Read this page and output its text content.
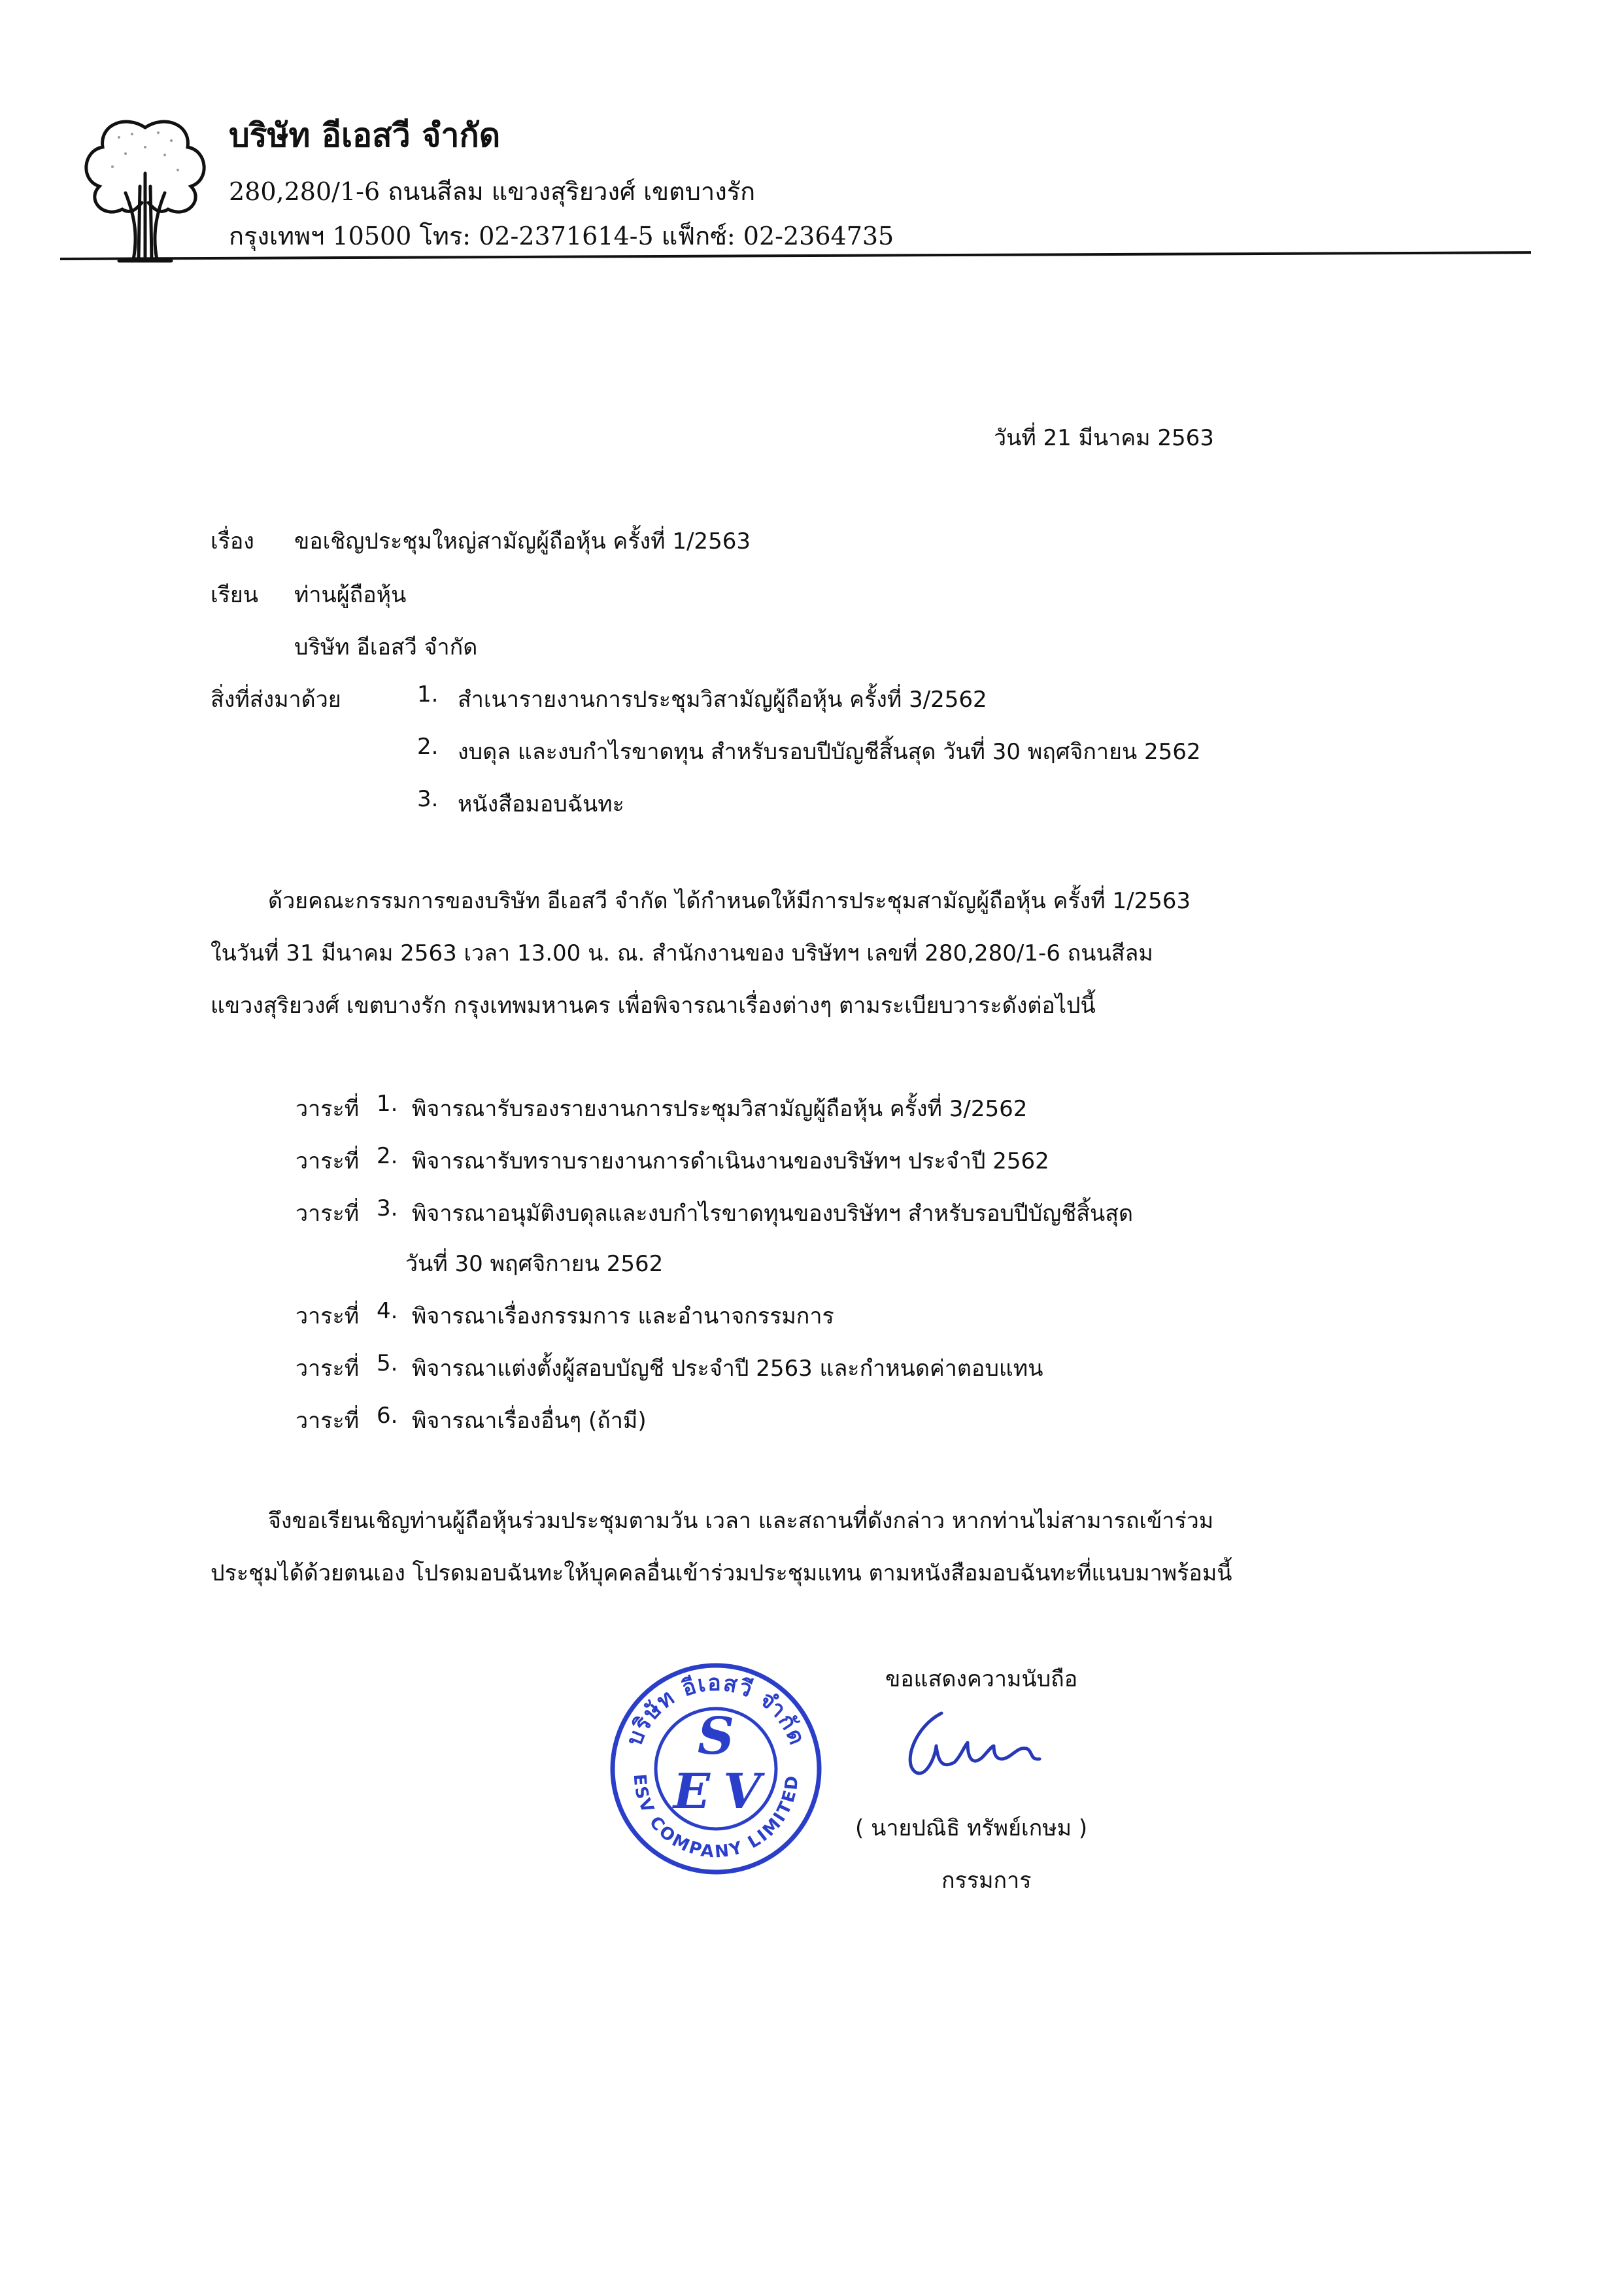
บริษัท อีเอสวี จำกัด
280,280/1-6 ถนนสีลม แขวงสุริยวงศ์ เขตบางรัก
กรุงเทพฯ 10500 โทร: 02-2371614-5 แฟ็กซ์: 02-2364735
วันที่ 21 มีนาคม 2563
เรื่อง ขอเชิญประชุมใหญ่สามัญผู้ถือหุ้น ครั้งที่ 1/2563
เรียน ท่านผู้ถือหุ้น
บริษัท อีเอสวี จำกัด
สิ่งที่ส่งมาด้วย	1. สำเนารายงานการประชุมวิสามัญผู้ถือหุ้น ครั้งที่ 3/2562
2. งบดุล และงบกำไรขาดทุน สำหรับรอบปีบัญชีสิ้นสุด วันที่ 30 พฤศจิกายน 2562
3. หนังสือมอบฉันทะ
ด้วยคณะกรรมการของบริษัท อีเอสวี จำกัด ได้กำหนดให้มีการประชุมสามัญผู้ถือหุ้น ครั้งที่ 1/2563
ในวันที่ 31 มีนาคม 2563 เวลา 13.00 น. ณ. สำนักงานของ บริษัทฯ เลขที่ 280,280/1-6 ถนนสีลม
แขวงสุริยวงศ์ เขตบางรัก กรุงเทพมหานคร เพื่อพิจารณาเรื่องต่างๆ ตามระเบียบวาระดังต่อไปนี้
วาระที่ 1. พิจารณารับรองรายงานการประชุมวิสามัญผู้ถือหุ้น ครั้งที่ 3/2562
วาระที่ 2. พิจารณารับทราบรายงานการดำเนินงานของบริษัทฯ ประจำปี 2562
วาระที่ 3. พิจารณาอนุมัติงบดุลและงบกำไรขาดทุนของบริษัทฯ สำหรับรอบปีบัญชีสิ้นสุด
วันที่ 30 พฤศจิกายน 2562
วาระที่ 4. พิจารณาเรื่องกรรมการ และอำนาจกรรมการ
วาระที่ 5. พิจารณาแต่งตั้งผู้สอบบัญชี ประจำปี 2563 และกำหนดค่าตอบแทน
วาระที่ 6. พิจารณาเรื่องอื่นๆ (ถ้ามี)
จึงขอเรียนเชิญท่านผู้ถือหุ้นร่วมประชุมตามวัน เวลา และสถานที่ดังกล่าว หากท่านไม่สามารถเข้าร่วม
ประชุมได้ด้วยตนเอง โปรดมอบฉันทะให้บุคคลอื่นเข้าร่วมประชุมแทน ตามหนังสือมอบฉันทะที่แนบมาพร้อมนี้
บริษัท อีเอสวี จำกัด
ESV COMPANY LIMITED
S
E V
ขอแสดงความนับถือ
( นายปณิธิ ทรัพย์เกษม )
กรรมการ
